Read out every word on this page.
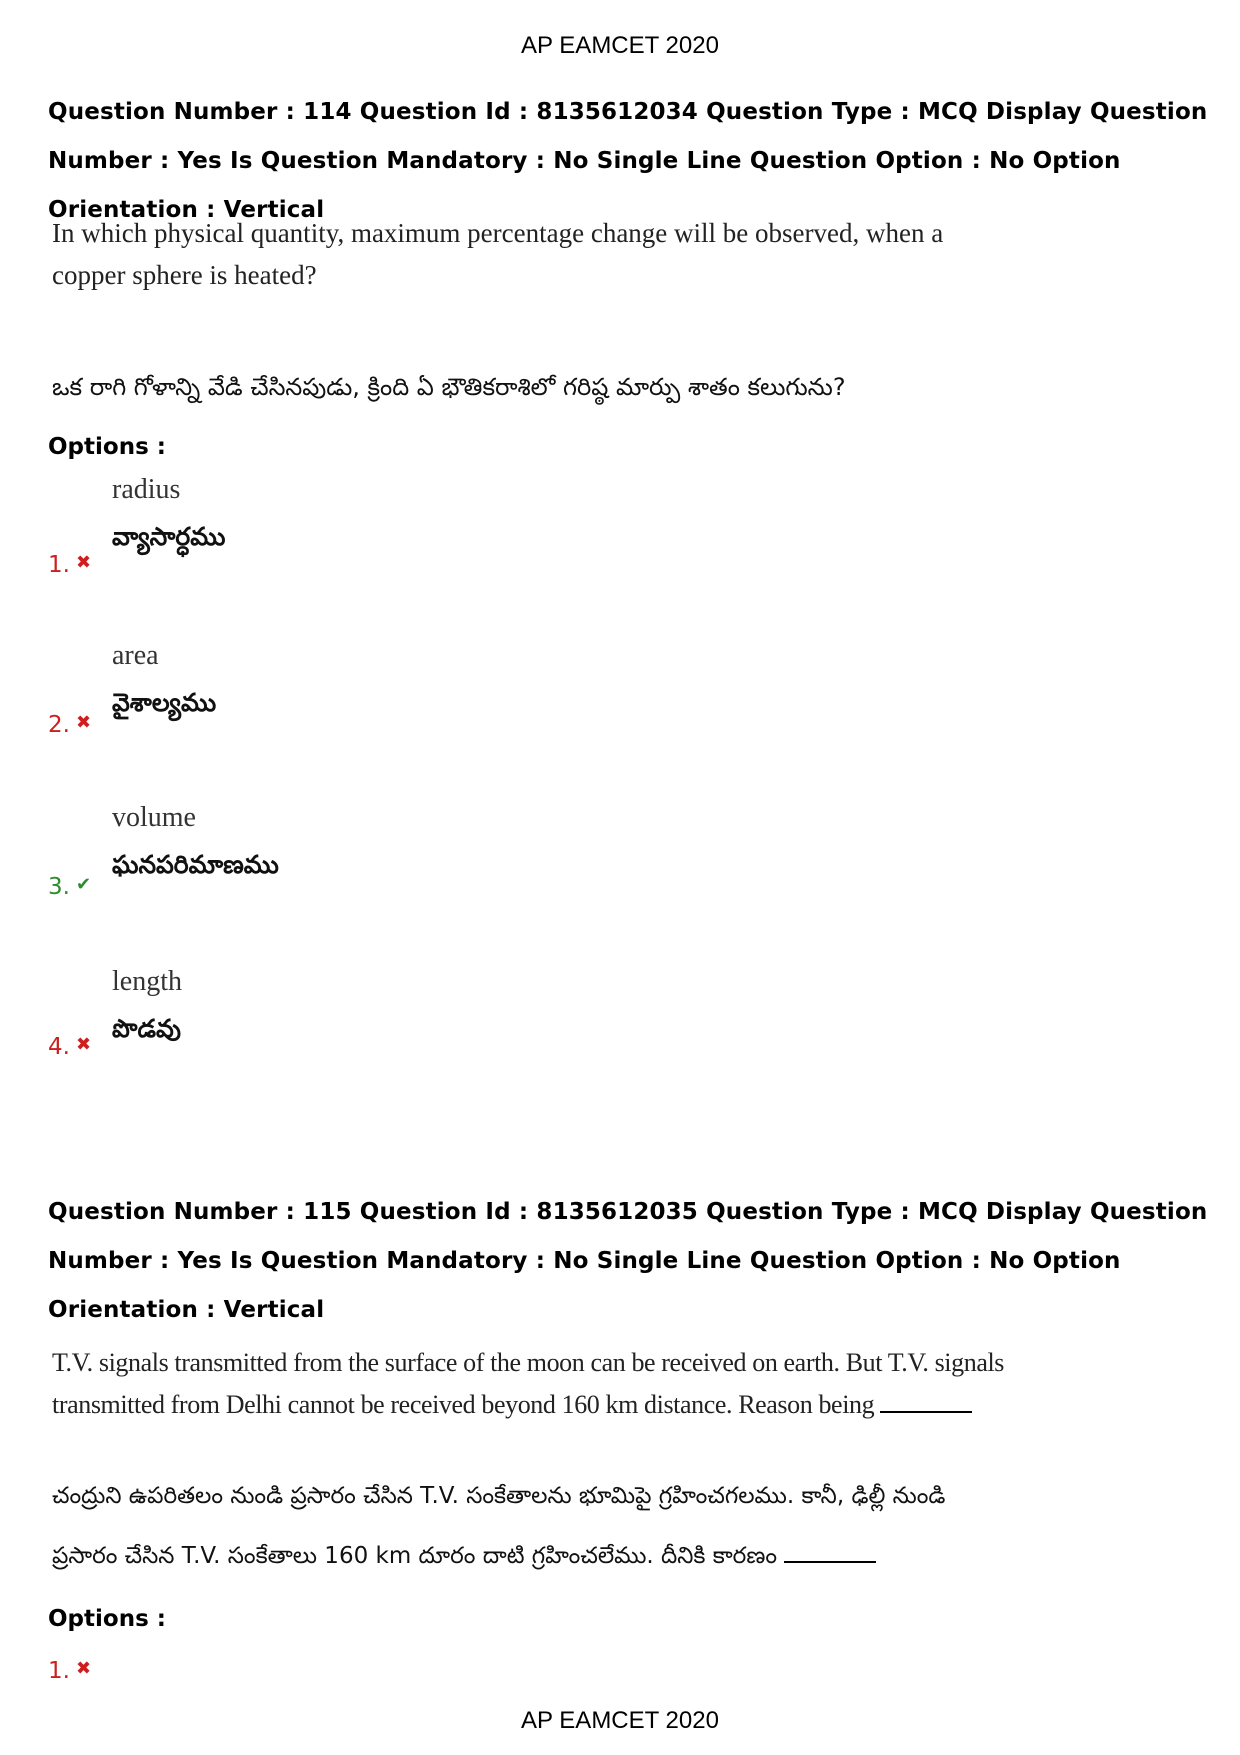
AP EAMCET 2020
Question Number : 114 Question Id : 8135612034 Question Type : MCQ Display Question Number : Yes Is Question Mandatory : No Single Line Question Option : No Option Orientation : Vertical
In which physical quantity, maximum percentage change will be observed, when a copper sphere is heated?
ఒక రాగి గోళాన్ని వేడి చేసినపుడు, క్రింది ఏ భౌతికరాశిలో గరిష్ఠ మార్పు శాతం కలుగును?
Options :
radius
వ్యాసార్ధము
1. ✖
area
వైశాల్యము
2. ✖
volume
ఘనపరిమాణము
3. ✔
length
పొడవు
4. ✖
Question Number : 115 Question Id : 8135612035 Question Type : MCQ Display Question Number : Yes Is Question Mandatory : No Single Line Question Option : No Option Orientation : Vertical
T.V. signals transmitted from the surface of the moon can be received on earth. But T.V. signals
transmitted from Delhi cannot be received beyond 160 km distance. Reason being
చంద్రుని ఉపరితలం నుండి ప్రసారం చేసిన T.V. సంకేతాలను భూమిపై గ్రహించగలము. కానీ, ఢిల్లీ నుండి
ప్రసారం చేసిన T.V. సంకేతాలు 160 km దూరం దాటి గ్రహించలేము. దీనికి కారణం
Options :
1. ✖
AP EAMCET 2020
